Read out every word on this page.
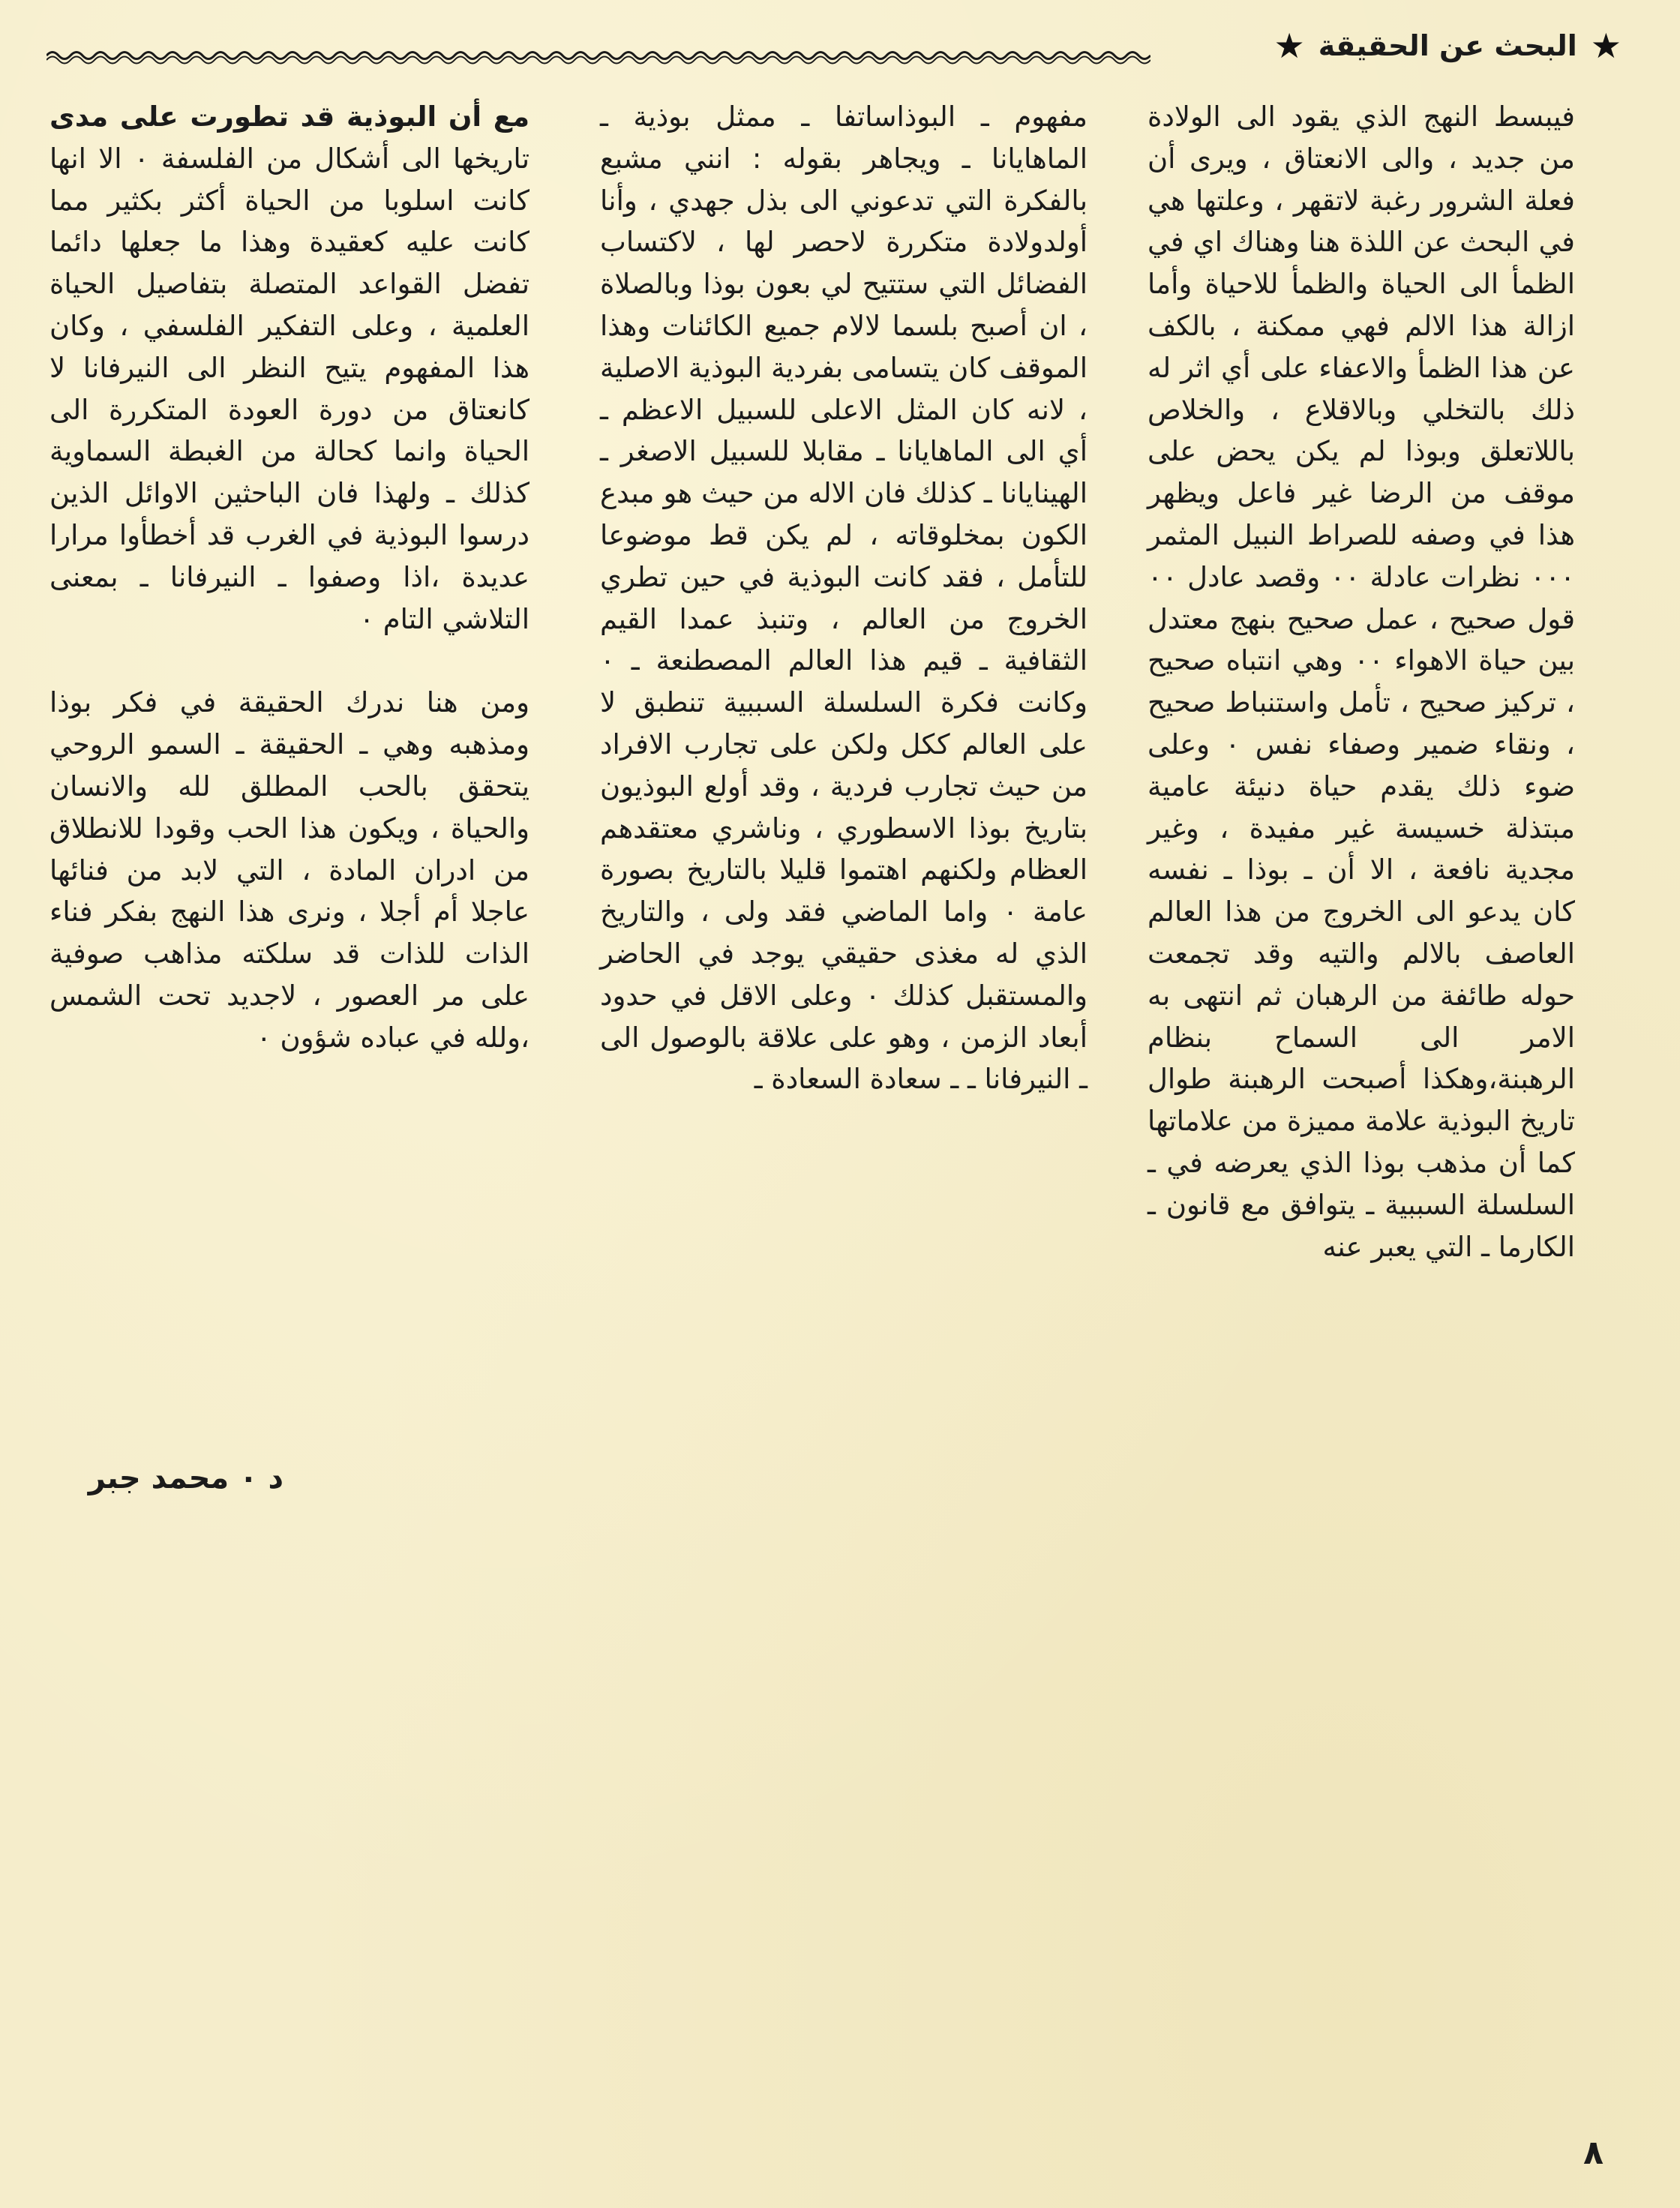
★
البحث عن الحقيقة
★

فيبسط النهج الذي يقود الى الولادة من جديد ، والى الانعتاق ، ويرى أن فعلة الشرور رغبة لاتقهر ، وعلتها هي في البحث عن اللذة هنا وهناك اي في الظمأ الى الحياة والظمأ للاحياة وأما ازالة هذا الالم فهي ممكنة ، بالكف عن هذا الظمأ والاعفاء على أي اثر له ذلك بالتخلي وبالاقلاع ، والخلاص باللاتعلق وبوذا لم يكن يحض على موقف من الرضا غير فاعل ويظهر هذا في وصفه للصراط النبيل المثمر ٠٠٠ نظرات عادلة ٠٠ وقصد عادل ٠٠ قول صحيح ، عمل صحيح بنهج معتدل بين حياة الاهواء ٠٠ وهي انتباه صحيح ، تركيز صحيح ، تأمل واستنباط صحيح ، ونقاء ضمير وصفاء نفس ٠ وعلى ضوء ذلك يقدم حياة دنيئة عامية مبتذلة خسيسة غير مفيدة ، وغير مجدية نافعة ، الا أن ـ بوذا ـ نفسه كان يدعو الى الخروج من هذا العالم العاصف بالالم والتيه وقد تجمعت حوله طائفة من الرهبان ثم انتهى به الامر الى السماح بنظام الرهبنة،وهكذا أصبحت الرهبنة طوال تاريخ البوذية علامة مميزة من علاماتها كما أن مذهب بوذا الذي يعرضه في ـ السلسلة السببية ـ يتوافق مع قانون ـ الكارما ـ التي يعبر عنه

مفهوم ـ البوذاساتفا ـ ممثل بوذية ـ الماهايانا ـ ويجاهر بقوله : انني مشبع بالفكرة التي تدعوني الى بذل جهدي ، وأنا أولدولادة متكررة لاحصر لها ، لاكتساب الفضائل التي ستتيح لي بعون بوذا وبالصلاة ، ان أصبح بلسما لالام جميع الكائنات وهذا الموقف كان يتسامى بفردية البوذية الاصلية ، لانه كان المثل الاعلى للسبيل الاعظم ـ أي الى الماهايانا ـ مقابلا للسبيل الاصغر ـ الهينايانا ـ كذلك فان الاله من حيث هو مبدع الكون بمخلوقاته ، لم يكن قط موضوعا للتأمل ، فقد كانت البوذية في حين تطري الخروج من العالم ، وتنبذ عمدا القيم الثقافية ـ قيم هذا العالم المصطنعة ـ ٠ وكانت فكرة السلسلة السببية تنطبق لا على العالم ككل ولكن على تجارب الافراد من حيث تجارب فردية ، وقد أولع البوذيون بتاريخ بوذا الاسطوري ، وناشري معتقدهم العظام ولكنهم اهتموا قليلا بالتاريخ بصورة عامة ٠ واما الماضي فقد ولى ، والتاريخ الذي له مغذى حقيقي يوجد في الحاضر والمستقبل كذلك ٠ وعلى الاقل في حدود أبعاد الزمن ، وهو على علاقة بالوصول الى ـ النيرفانا ـ ـ سعادة السعادة ـ

مع أن البوذية قد تطورت على مدى تاريخها الى أشكال من الفلسفة ٠ الا انها كانت اسلوبا من الحياة أكثر بكثير مما كانت عليه كعقيدة وهذا ما جعلها دائما تفضل القواعد المتصلة بتفاصيل الحياة العلمية ، وعلى التفكير الفلسفي ، وكان هذا المفهوم يتيح النظر الى النيرفانا لا كانعتاق من دورة العودة المتكررة الى الحياة وانما كحالة من الغبطة السماوية كذلك ـ ولهذا فان الباحثين الاوائل الذين درسوا البوذية في الغرب قد أخطأوا مرارا عديدة ،اذا وصفوا ـ النيرفانا ـ بمعنى التلاشي التام ٠

ومن هنا ندرك الحقيقة في فكر بوذا ومذهبه وهي ـ الحقيقة ـ السمو الروحي يتحقق بالحب المطلق لله والانسان والحياة ، ويكون هذا الحب وقودا للانطلاق من ادران المادة ، التي لابد من فنائها عاجلا أم أجلا ، ونرى هذا النهج بفكر فناء الذات للذات قد سلكته مذاهب صوفية على مر العصور ، لاجديد تحت الشمس ،ولله في عباده شؤون ٠

د ٠ محمد جبر
٨
